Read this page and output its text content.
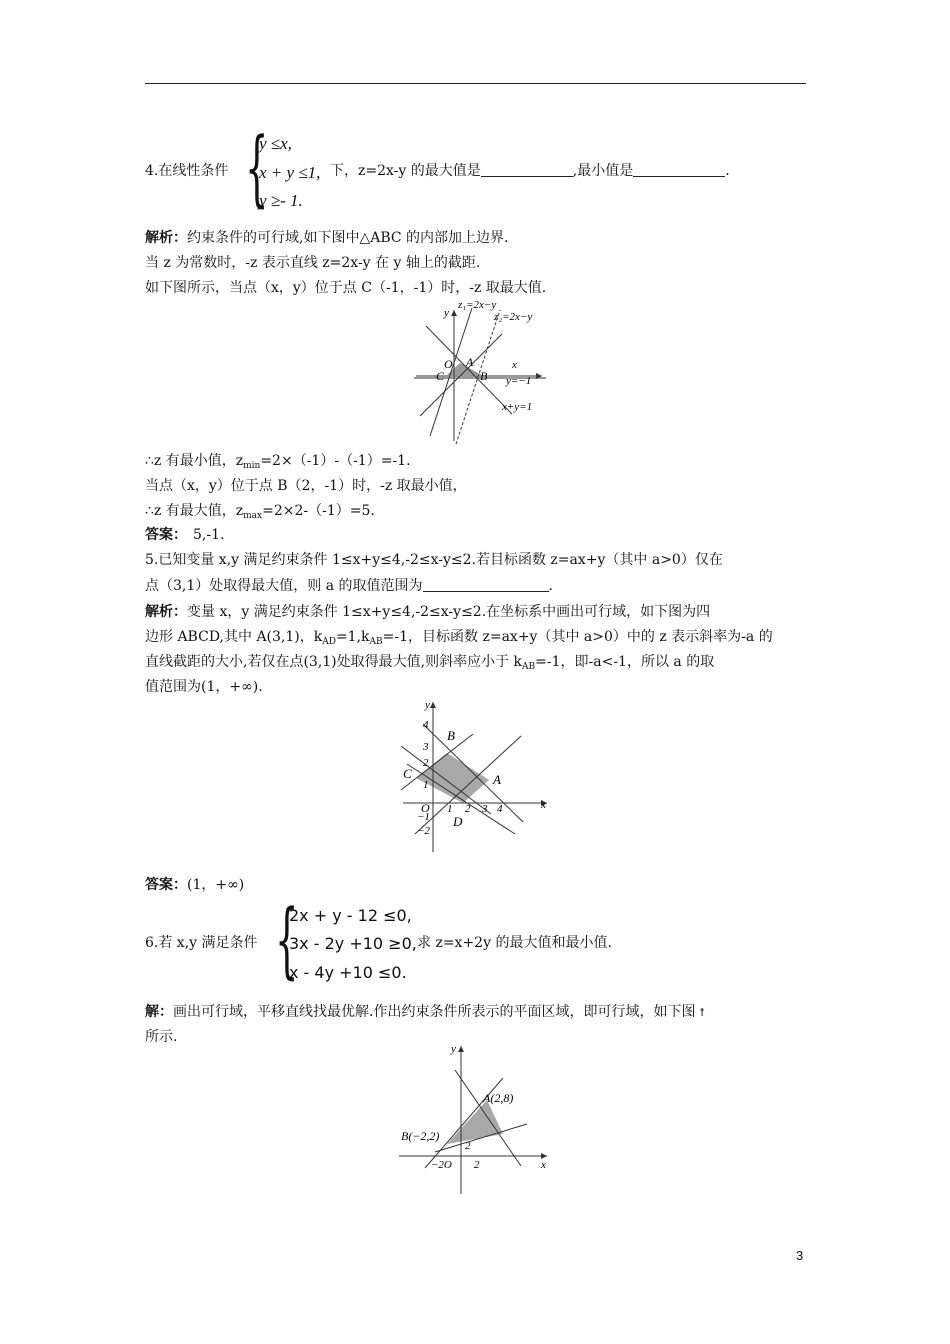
4.在线性条件 {
y ≤x,
x + y ≤1,
y ≥- 1.
下，z=2x-y 的最大值是	,最小值是	.
解析：约束条件的可行域,如下图中△ABC 的内部加上边界.
当 z 为常数时，-z 表示直线 z=2x-y 在 y 轴上的截距.
如下图所示，当点（x，y）位于点 C（-1，-1）时，-z 取最大值.
z₁=2x−y
z₂=2x−y
y
x
O A
B
C	y=−1
x+y=1
∴z 有最小值，$z_{min}=2\times(-1)-(-1)=-1$.
当点（x，y）位于点 B（2，-1）时，-z 取最小值，
∴z 有最大值，$z_{max}=2\times 2-(-1)=5$.
答案： 5,-1.
5.已知变量 x,y 满足约束条件 1≤x+y≤4,-2≤x-y≤2.若目标函数 z=ax+y（其中 a>0）仅在
点（3,1）处取得最大值，则 a 的取值范围为	.
解析：变量 x，y 满足约束条件 1≤x+y≤4,-2≤x-y≤2.在坐标系中画出可行域，如下图为四
边形 ABCD,其中 A(3,1)，$k_{AD}=1,k_{AB}=-1$，目标函数 z=ax+y（其中 a>0）中的 z 表示斜率为-a 的
直线截距的大小,若仅在点(3,1)处取得最大值,则斜率应小于 $k_{AB}=-1$，即-a<-1，所以 a 的取
值范围为(1，+∞).
y
x
4
3
2
1
−1
−2
O 1 2 3 4
A
B
C
D
答案：(1，+∞)
6.若 x,y 满足条件 {
2x + y - 12 ≤0,
3x - 2y +10 ≥0,
x - 4y +10 ≤0.
求 z=x+2y 的最大值和最小值.
解：画出可行域，平移直线找最优解.作出约束条件所表示的平面区域，即可行域，如下图 ↟
所示.
y
x
A(2,8)
B(−2,2)
2
−2O 2
3
